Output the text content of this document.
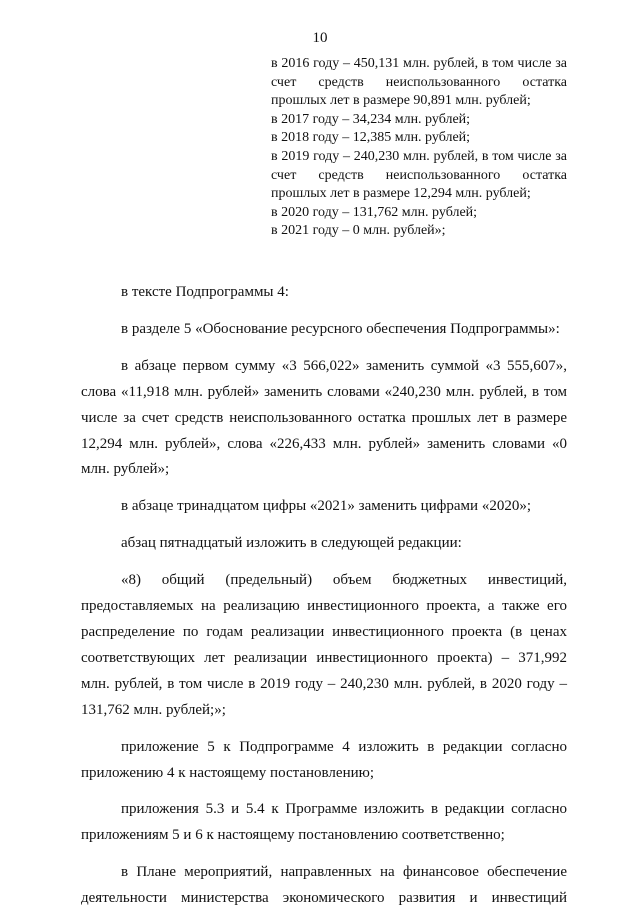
10

в 2016 году – 450,131 млн. рублей, в том числе за счет средств неиспользованного остатка прошлых лет в размере 90,891 млн. рублей;

в 2017 году – 34,234 млн. рублей;

в 2018 году – 12,385 млн. рублей;

в 2019 году – 240,230 млн. рублей, в том числе за счет средств неиспользованного остатка прошлых лет в размере 12,294 млн. рублей;

в 2020 году – 131,762 млн. рублей;

в 2021 году – 0 млн. рублей»;

в тексте Подпрограммы 4:

в разделе 5 «Обоснование ресурсного обеспечения Подпрограммы»:

в абзаце первом сумму «3 566,022» заменить суммой «3 555,607», слова «11,918 млн. рублей» заменить словами «240,230 млн. рублей, в том числе за счет средств неиспользованного остатка прошлых лет в размере 12,294 млн. рублей», слова «226,433 млн. рублей» заменить словами «0 млн. рублей»;

в абзаце тринадцатом цифры «2021» заменить цифрами «2020»;

абзац пятнадцатый изложить в следующей редакции:

«8) общий (предельный) объем бюджетных инвестиций, предоставляемых на реализацию инвестиционного проекта, а также его распределение по годам реализации инвестиционного проекта (в ценах соответствующих лет реализации инвестиционного проекта) – 371,992 млн. рублей, в том числе в 2019 году – 240,230 млн. рублей, в 2020 году – 131,762 млн. рублей;»;

приложение 5 к Подпрограмме 4 изложить в редакции согласно приложению 4 к настоящему постановлению;

приложения 5.3 и 5.4 к Программе изложить в редакции согласно приложениям 5 и 6 к настоящему постановлению соответственно;

в Плане мероприятий, направленных на финансовое обеспечение деятельности министерства экономического развития и инвестиций
